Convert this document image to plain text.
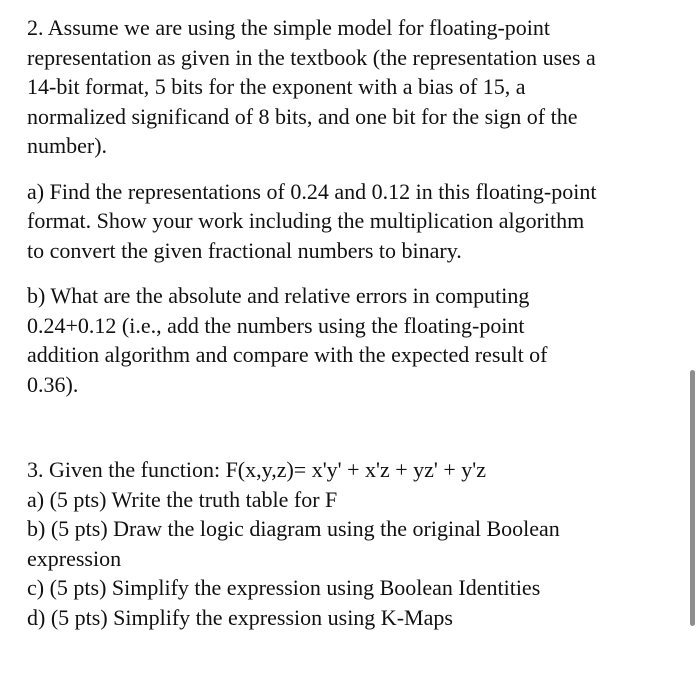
2. Assume we are using the simple model for floating-point
representation as given in the textbook (the representation uses a
14-bit format, 5 bits for the exponent with a bias of 15, a
normalized significand of 8 bits, and one bit for the sign of the
number).
a) Find the representations of 0.24 and 0.12 in this floating-point
format. Show your work including the multiplication algorithm
to convert the given fractional numbers to binary.
b) What are the absolute and relative errors in computing
0.24+0.12 (i.e., add the numbers using the floating-point
addition algorithm and compare with the expected result of
0.36).
3. Given the function: F(x,y,z)= x'y' + x'z + yz' + y'z
a) (5 pts) Write the truth table for F
b) (5 pts) Draw the logic diagram using the original Boolean
expression
c) (5 pts) Simplify the expression using Boolean Identities
d) (5 pts) Simplify the expression using K-Maps
